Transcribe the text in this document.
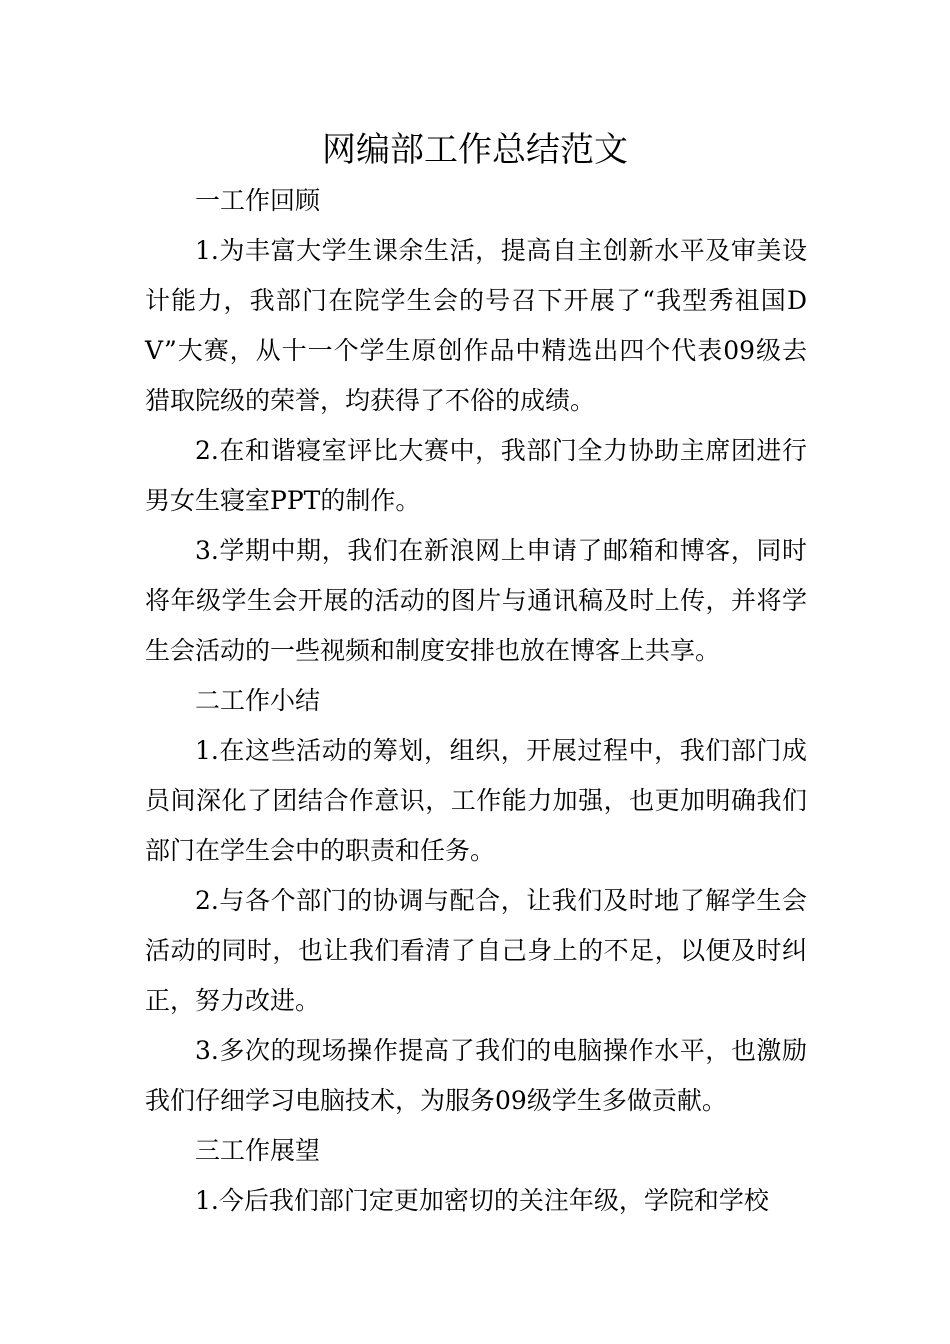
网编部工作总结范文

一工作回顾

1.为丰富大学生课余生活，提高自主创新水平及审美设计能力，我部门在院学生会的号召下开展了“我型秀祖国DV”大赛，从十一个学生原创作品中精选出四个代表09级去猎取院级的荣誉，均获得了不俗的成绩。

2.在和谐寝室评比大赛中，我部门全力协助主席团进行男女生寝室PPT的制作。

3.学期中期，我们在新浪网上申请了邮箱和博客，同时将年级学生会开展的活动的图片与通讯稿及时上传，并将学生会活动的一些视频和制度安排也放在博客上共享。

二工作小结

1.在这些活动的筹划，组织，开展过程中，我们部门成员间深化了团结合作意识，工作能力加强，也更加明确我们部门在学生会中的职责和任务。

2.与各个部门的协调与配合，让我们及时地了解学生会活动的同时，也让我们看清了自己身上的不足，以便及时纠正，努力改进。

3.多次的现场操作提高了我们的电脑操作水平，也激励我们仔细学习电脑技术，为服务09级学生多做贡献。

三工作展望

1.今后我们部门定更加密切的关注年级，学院和学校
